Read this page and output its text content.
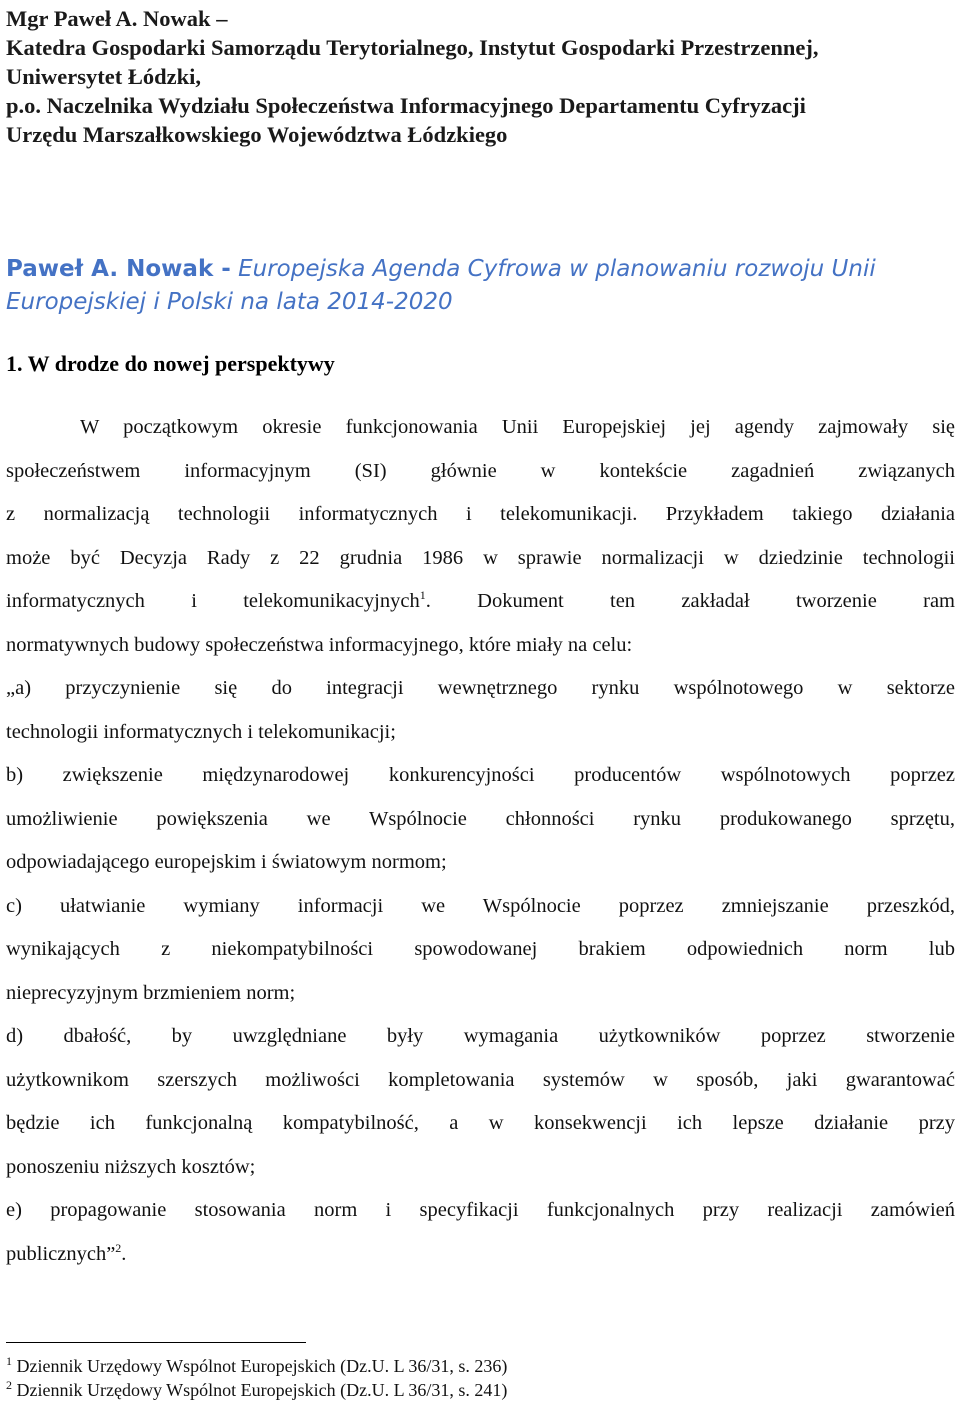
Mgr Paweł A. Nowak –
Katedra Gospodarki Samorządu Terytorialnego, Instytut Gospodarki Przestrzennej,
Uniwersytet Łódzki,
p.o. Naczelnika Wydziału Społeczeństwa Informacyjnego Departamentu Cyfryzacji
Urzędu Marszałkowskiego Województwa Łódzkiego
Paweł A. Nowak - Europejska Agenda Cyfrowa w planowaniu rozwoju Unii
Europejskiej i Polski na lata 2014-2020
1. W drodze do nowej perspektywy
W początkowym okresie funkcjonowania Unii Europejskiej jej agendy zajmowały się
społeczeństwem informacyjnym (SI) głównie w kontekście zagadnień związanych
z normalizacją technologii informatycznych i telekomunikacji. Przykładem takiego działania
może być Decyzja Rady z 22 grudnia 1986 w sprawie normalizacji w dziedzinie technologii
informatycznych i telekomunikacyjnych$^1$. Dokument ten zakładał tworzenie ram
normatywnych budowy społeczeństwa informacyjnego, które miały na celu:
„a) przyczynienie się do integracji wewnętrznego rynku wspólnotowego w sektorze
technologii informatycznych i telekomunikacji;
b) zwiększenie międzynarodowej konkurencyjności producentów wspólnotowych poprzez
umożliwienie powiększenia we Wspólnocie chłonności rynku produkowanego sprzętu,
odpowiadającego europejskim i światowym normom;
c) ułatwianie wymiany informacji we Wspólnocie poprzez zmniejszanie przeszkód,
wynikających z niekompatybilności spowodowanej brakiem odpowiednich norm lub
nieprecyzyjnym brzmieniem norm;
d) dbałość, by uwzględniane były wymagania użytkowników poprzez stworzenie
użytkownikom szerszych możliwości kompletowania systemów w sposób, jaki gwarantować
będzie ich funkcjonalną kompatybilność, a w konsekwencji ich lepsze działanie przy
ponoszeniu niższych kosztów;
e) propagowanie stosowania norm i specyfikacji funkcjonalnych przy realizacji zamówień
publicznych”$^2$.
$^1$ Dziennik Urzędowy Wspólnot Europejskich (Dz.U. L 36/31, s. 236)
$^2$ Dziennik Urzędowy Wspólnot Europejskich (Dz.U. L 36/31, s. 241)
